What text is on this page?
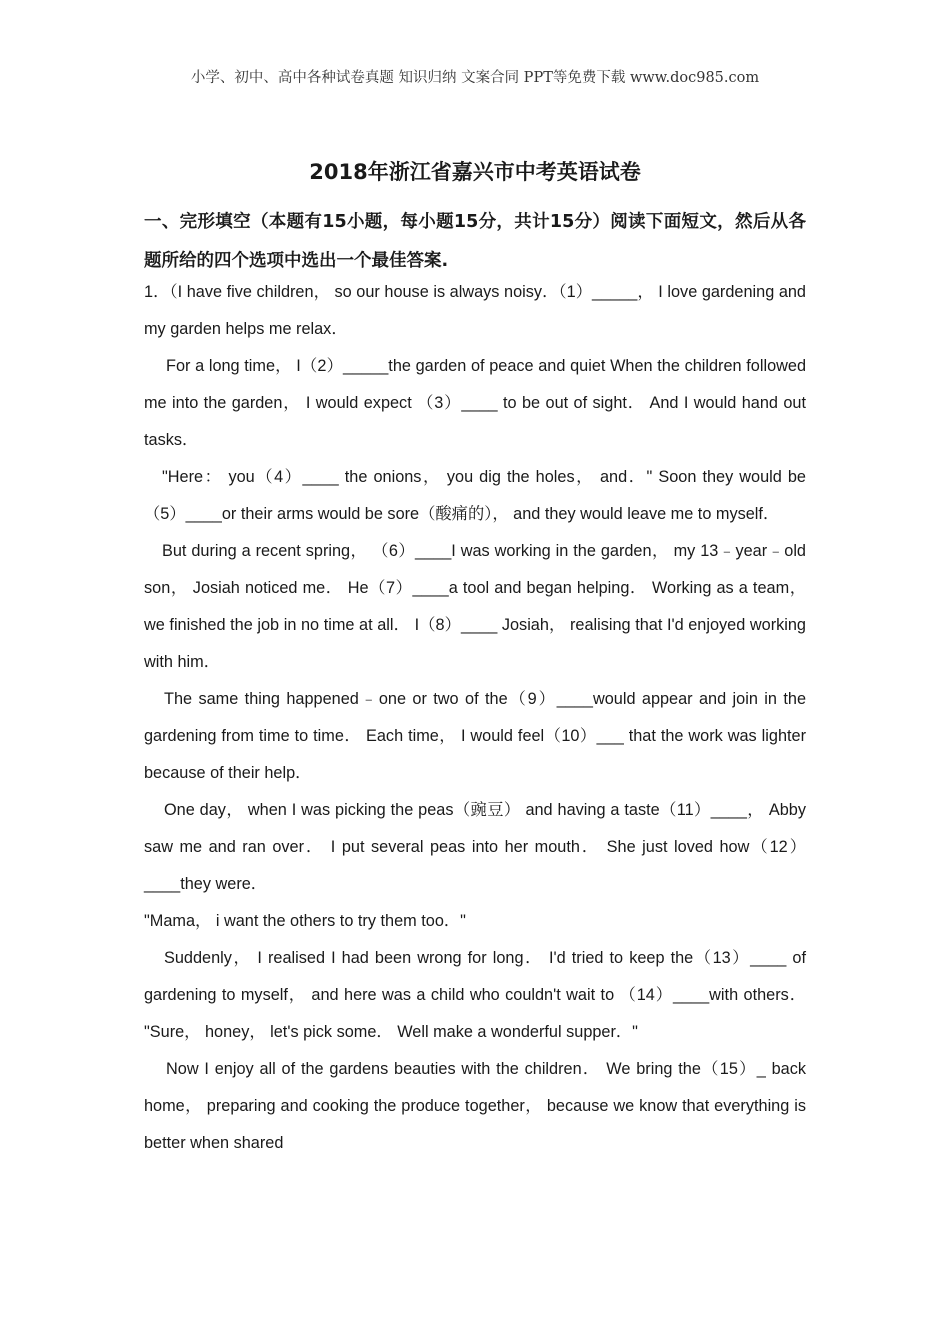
小学、初中、高中各种试卷真题 知识归纳 文案合同 PPT等免费下载 www.doc985.com
2018年浙江省嘉兴市中考英语试卷
一、完形填空（本题有15小题，每小题15分，共计15分）阅读下面短文，然后从各题所给的四个选项中选出一个最佳答案.

1．（I have five children， so our house is always noisy．（1）_____， I love gardening and my garden helps me relax．

For a long time， I（2）_____the garden of peace and quiet When the children followed me into the garden， I would expect （3）____ to be out of sight． And I would hand out tasks．

"Here： you（4）____ the onions， you dig the holes， and．" Soon they would be （5）____or their arms would be sore（酸痛的）， and they would leave me to myself．

But during a recent spring， （6）____I was working in the garden， my 13﹣year﹣old son， Josiah noticed me． He（7）____a tool and began helping． Working as a team， we finished the job in no time at all． I（8）____ Josiah， realising that I'd enjoyed working with him．

The same thing happened﹣one or two of the（9）____would appear and join in the gardening from time to time． Each time， I would feel（10）___ that the work was lighter because of their help．

One day， when I was picking the peas（豌豆） and having a taste（11）____， Abby saw me and ran over． I put several peas into her mouth． She just loved how（12）____they were．

"Mama， i want the others to try them too．"

Suddenly， I realised I had been wrong for long． I'd tried to keep the（13）____ of gardening to myself， and here was a child who couldn't wait to （14）____with others． "Sure， honey， let's pick some． Well make a wonderful supper．"

Now I enjoy all of the gardens beauties with the children． We bring the（15）_ back home， preparing and cooking the produce together， because we know that everything is better when shared
